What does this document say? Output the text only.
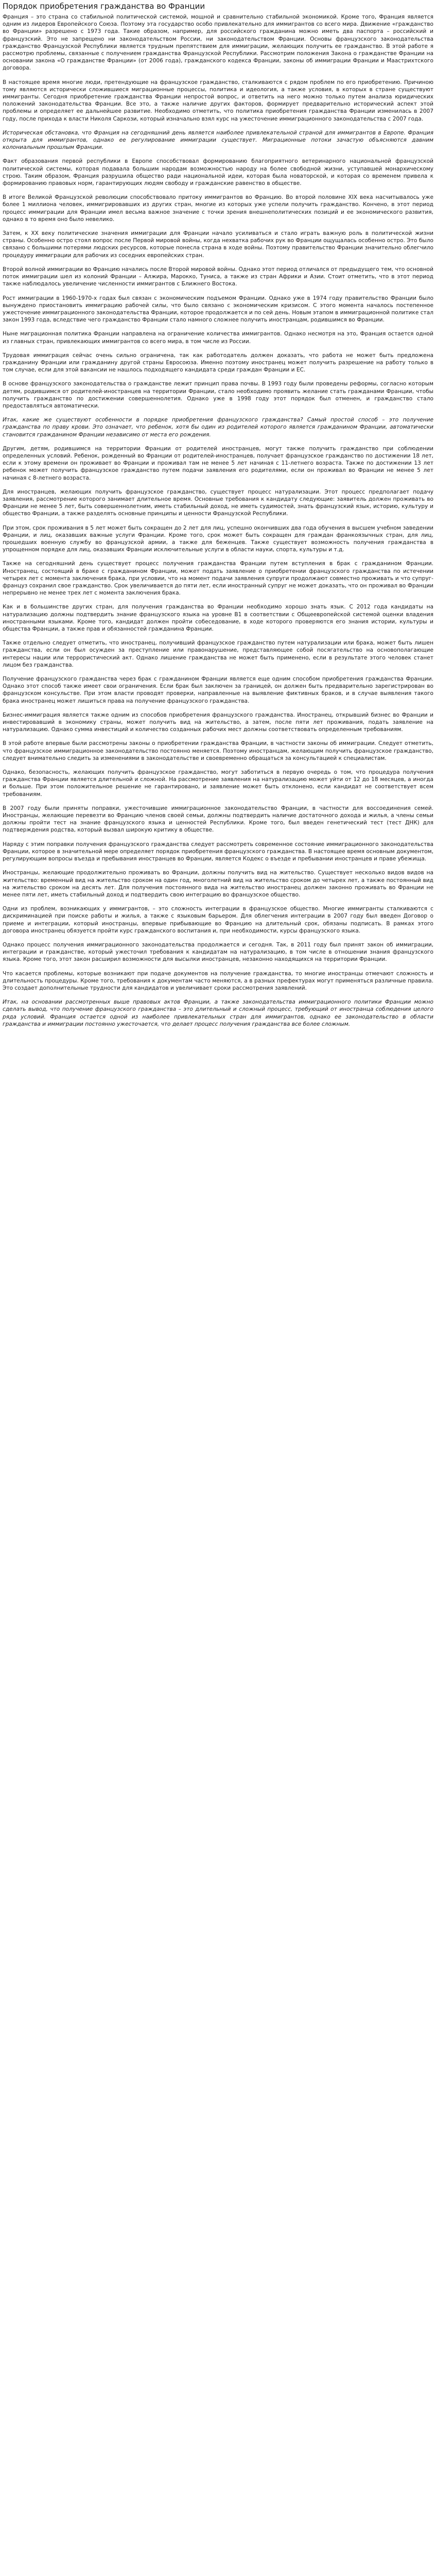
Порядок приобретения гражданства во Франции

Франция – это страна со стабильной политической системой, мощной и сравнительно стабильной экономикой. Кроме того, Франция является одним из лидеров Европейского Союза. Поэтому эта государство особо привлекательно для иммигрантов со всего мира. Движение «гражданство во Франции» разрешено с 1973 года. Такие образом, например, для российского гражданина можно иметь два паспорта – российский и французский. Это не запрещено ни законодательством России, ни законодательством Франции. Основы французского законодательства гражданство Французской Республики является трудным препятствием для иммиграции, желающих получить ее гражданство. В этой работе я рассмотрю проблемы, связанные с получением гражданства Французской Республики. Рассмотрим положения Закона о гражданстве Франции на основании закона «О гражданстве Франции» (от 2006 года), гражданского кодекса Франции, законы об иммиграции Франции и Маастрихтского договора.

В настоящее время многие люди, претендующие на французское гражданство, сталкиваются с рядом проблем по его приобретению. Причиною тому являются исторически сложившиеся миграционные процессы, политика и идеология, а также условия, в которых в стране существуют иммигранты. Сегодня приобретение гражданства Франции непростой вопрос, и ответить на него можно только путем анализа юридических положений законодательства Франции. Все это, а также наличие других факторов, формирует предварительно исторический аспект этой проблемы и определяет ее дальнейшее развитие. Необходимо отметить, что политика приобретения гражданства Франции изменилась в 2007 году, после прихода к власти Николя Саркози, который изначально взял курс на ужесточение иммиграционного законодательства с 2007 года.

Историческая обстановка, что Франция на сегодняшний день является наиболее привлекательной страной для иммигрантов в Европе. Франция открыта для иммигрантов, однако ее регулирование иммиграции существует. Миграционные потоки зачастую объясняются давним колониальным прошлым Франции.

Факт образования первой республики в Европе способствовал формированию благоприятного ветеринарного национальной французской политической системы, которая подавала большим народам возможностью народу на более свободной жизни, уступавшей монархическому строю. Таким образом, Франция разрушила общество ради национальной идеи, которая была новаторской, и которая со временем привела к формированию правовых норм, гарантирующих людям свободу и гражданские равенство в обществе.

В итоге Великой Французской революции способствовало притоку иммигрантов во Францию. Во второй половине XIX века насчитывалось уже более 1 миллиона человек, иммигрировавших из других стран, многие из которых уже успели получить гражданство. Кончено, в этот период процесс иммиграции для Франции имел весьма важное значение с точки зрения внешнеполитических позиций и ее экономического развития, однако в то время оно было невелико.

Затем, к XX веку политические значения иммиграции для Франции начало усиливаться и стало играть важную роль в политической жизни страны. Особенно остро стоял вопрос после Первой мировой войны, когда нехватка рабочих рук во Франции ощущалась особенно остро. Это было связано с большими потерями людских ресурсов, которые понесла страна в ходе войны. Поэтому правительство Франции значительно облегчило процедуру иммиграции для рабочих из соседних европейских стран.

Второй волной иммиграции во Францию начались после Второй мировой войны. Однако этот период отличался от предыдущего тем, что основной поток иммиграции шел из колоний Франции – Алжира, Марокко, Туниса, а также из стран Африки и Азии. Стоит отметить, что в этот период также наблюдалось увеличение численности иммигрантов с Ближнего Востока.

Рост иммиграции в 1960-1970-х годах был связан с экономическим подъемом Франции. Однако уже в 1974 году правительство Франции было вынуждено приостановить иммиграцию рабочей силы, что было связано с экономическим кризисом. С этого момента началось постепенное ужесточение иммиграционного законодательства Франции, которое продолжается и по сей день. Новым этапом в иммиграционной политике стал закон 1993 года, вследствие чего гражданство Франции стало намного сложнее получить иностранцам, родившимся во Франции.

Ныне миграционная политика Франции направлена на ограничение количества иммигрантов. Однако несмотря на это, Франция остается одной из главных стран, привлекающих иммигрантов со всего мира, в том числе из России.

Трудовая иммиграция сейчас очень сильно ограничена, так как работодатель должен доказать, что работа не может быть предложена гражданину Франции или гражданину другой страны Евросоюза. Именно поэтому иностранец может получить разрешение на работу только в том случае, если для этой вакансии не нашлось подходящего кандидата среди граждан Франции и ЕС.

В основе французского законодательства о гражданстве лежит принцип права почвы. В 1993 году были проведены реформы, согласно которым детям, родившимся от родителей-иностранцев на территории Франции, стало необходимо проявить желание стать гражданами Франции, чтобы получить гражданство по достижении совершеннолетия. Однако уже в 1998 году этот порядок был отменен, и гражданство стало предоставляться автоматически.

Итак, какие же существуют особенности в порядке приобретения французского гражданства? Самый простой способ – это получение гражданства по праву крови. Это означает, что ребенок, хотя бы один из родителей которого является гражданином Франции, автоматически становится гражданином Франции независимо от места его рождения.

Другим, детям, родившимся на территории Франции от родителей иностранцев, могут также получить гражданство при соблюдении определенных условий. Ребенок, рожденный во Франции от родителей-иностранцев, получает французское гражданство по достижении 18 лет, если к этому времени он проживает во Франции и проживал там не менее 5 лет начиная с 11-летнего возраста. Также по достижении 13 лет ребенок может получить французское гражданство путем подачи заявления его родителями, если он проживал во Франции не менее 5 лет начиная с 8-летнего возраста.

Для иностранцев, желающих получить французское гражданство, существует процесс натурализации. Этот процесс предполагает подачу заявления, рассмотрение которого занимает длительное время. Основные требования к кандидату следующие: заявитель должен проживать во Франции не менее 5 лет, быть совершеннолетним, иметь стабильный доход, не иметь судимостей, знать французский язык, историю, культуру и общество Франции, а также разделять основные принципы и ценности Французской Республики.

При этом, срок проживания в 5 лет может быть сокращен до 2 лет для лиц, успешно окончивших два года обучения в высшем учебном заведении Франции, и лиц, оказавших важные услуги Франции. Кроме того, срок может быть сокращен для граждан франкоязычных стран, для лиц, прошедших военную службу во французской армии, а также для беженцев. Также существует возможность получения гражданства в упрощенном порядке для лиц, оказавших Франции исключительные услуги в области науки, спорта, культуры и т.д.

Также на сегодняшний день существует процесс получения гражданства Франции путем вступления в брак с гражданином Франции. Иностранец, состоящий в браке с гражданином Франции, может подать заявление о приобретении французского гражданства по истечении четырех лет с момента заключения брака, при условии, что на момент подачи заявления супруги продолжают совместно проживать и что супруг-француз сохранил свое гражданство. Срок увеличивается до пяти лет, если иностранный супруг не может доказать, что он проживал во Франции непрерывно не менее трех лет с момента заключения брака.

Как и в большинстве других стран, для получения гражданства во Франции необходимо хорошо знать язык. С 2012 года кандидаты на натурализацию должны подтвердить знание французского языка на уровне B1 в соответствии с Общеевропейской системой оценки владения иностранными языками. Кроме того, кандидат должен пройти собеседование, в ходе которого проверяются его знания истории, культуры и общества Франции, а также прав и обязанностей гражданина Франции.

Также отдельно следует отметить, что иностранец, получивший французское гражданство путем натурализации или брака, может быть лишен гражданства, если он был осужден за преступление или правонарушение, представляющее собой посягательство на основополагающие интересы нации или террористический акт. Однако лишение гражданства не может быть применено, если в результате этого человек станет лицом без гражданства.

Получение французского гражданства через брак с гражданином Франции является еще одним способом приобретения гражданства Франции. Однако этот способ также имеет свои ограничения. Если брак был заключен за границей, он должен быть предварительно зарегистрирован во французском консульстве. При этом власти проводят проверки, направленные на выявление фиктивных браков, и в случае выявления такого брака иностранец может лишиться права на получение французского гражданства.

Бизнес-иммиграция является также одним из способов приобретения французского гражданства. Иностранец, открывший бизнес во Франции и инвестировавший в экономику страны, может получить вид на жительство, а затем, после пяти лет проживания, подать заявление на натурализацию. Однако сумма инвестиций и количество созданных рабочих мест должны соответствовать определенным требованиям.

В этой работе впервые были рассмотрены законы о приобретении гражданства Франции, в частности законы об иммиграции. Следует отметить, что французское иммиграционное законодательство постоянно меняется. Поэтому иностранцам, желающим получить французское гражданство, следует внимательно следить за изменениями в законодательстве и своевременно обращаться за консультацией к специалистам.

Однако, безопасность, желающих получить французское гражданство, могут заботиться в первую очередь о том, что процедура получения гражданства Франции является длительной и сложной. На рассмотрение заявления на натурализацию может уйти от 12 до 18 месяцев, а иногда и больше. При этом положительное решение не гарантировано, и заявление может быть отклонено, если кандидат не соответствует всем требованиям.

В 2007 году были приняты поправки, ужесточившие иммиграционное законодательство Франции, в частности для воссоединения семей. Иностранцы, желающие перевезти во Францию членов своей семьи, должны подтвердить наличие достаточного дохода и жилья, а члены семьи должны пройти тест на знание французского языка и ценностей Республики. Кроме того, был введен генетический тест (тест ДНК) для подтверждения родства, который вызвал широкую критику в обществе.

Наряду с этим поправки получения французского гражданства следует рассмотреть современное состояние иммиграционного законодательства Франции, которое в значительной мере определяет порядок приобретения французского гражданства. В настоящее время основным документом, регулирующим вопросы въезда и пребывания иностранцев во Франции, является Кодекс о въезде и пребывании иностранцев и праве убежища.

Иностранцы, желающие продолжительно проживать во Франции, должны получить вид на жительство. Существует несколько видов видов на жительство: временный вид на жительство сроком на один год, многолетний вид на жительство сроком до четырех лет, а также постоянный вид на жительство сроком на десять лет. Для получения постоянного вида на жительство иностранец должен законно проживать во Франции не менее пяти лет, иметь стабильный доход и подтвердить свою интеграцию во французское общество.

Одни из проблем, возникающих у иммигрантов, – это сложность интеграции в французское общество. Многие иммигранты сталкиваются с дискриминацией при поиске работы и жилья, а также с языковым барьером. Для облегчения интеграции в 2007 году был введен Договор о приеме и интеграции, который иностранцы, впервые прибывающие во Францию на длительный срок, обязаны подписать. В рамках этого договора иностранец обязуется пройти курс гражданского воспитания и, при необходимости, курсы французского языка.

Однако процесс получения иммиграционного законодательства продолжается и сегодня. Так, в 2011 году был принят закон об иммиграции, интеграции и гражданстве, который ужесточил требования к кандидатам на натурализацию, в том числе в отношении знания французского языка. Кроме того, этот закон расширил возможности для высылки иностранцев, незаконно находящихся на территории Франции.

Что касается проблемы, которые возникают при подаче документов на получение гражданства, то многие иностранцы отмечают сложность и длительность процедуры. Кроме того, требования к документам часто меняются, а в разных префектурах могут применяться различные правила. Это создает дополнительные трудности для кандидатов и увеличивает сроки рассмотрения заявлений.

Итак, на основании рассмотренных выше правовых актов Франции, а также законодательства иммиграционного политики Франции можно сделать вывод, что получение французского гражданства – это длительный и сложный процесс, требующий от иностранца соблюдения целого ряда условий. Франция остается одной из наиболее привлекательных стран для иммигрантов, однако ее законодательство в области гражданства и иммиграции постоянно ужесточается, что делает процесс получения гражданства все более сложным.
